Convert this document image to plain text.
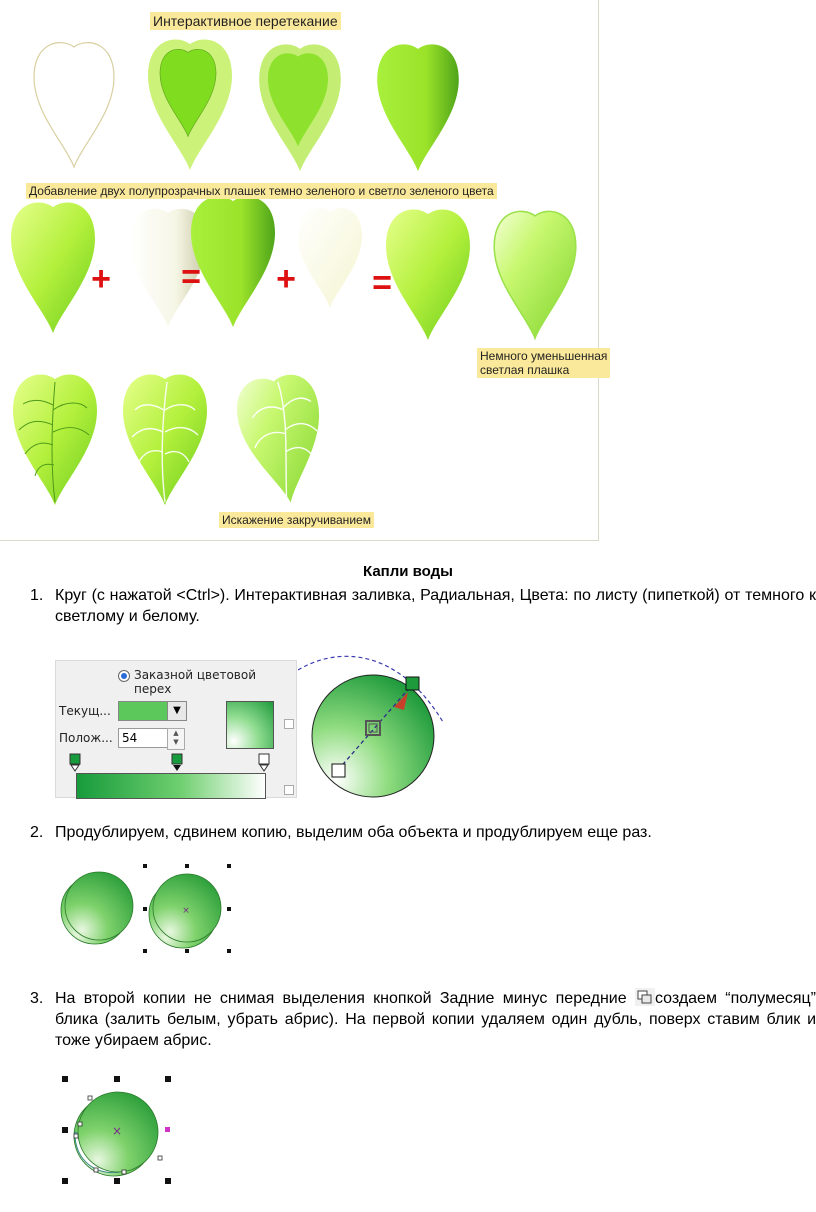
+ = + =
Интерактивное перетекание
Добавление двух полупрозрачных плашек темно зеленого и светло зеленого цвета
Немного уменьшенная
светлая плашка
Искажение закручиванием
Капли воды
1. Круг (с нажатой <Ctrl>). Интерактивная заливка, Радиальная, Цвета: по листу (пипеткой) от темного к светлому и белому.
Заказной цветовой перех
Текущ...	▼
Полож... 54	▲
▼
2. Продублируем, сдвинем копию, выделим оба объекта и продублируем еще раз.
×
3. На второй копии не снимая выделения кнопкой Задние минус передние создаем “полумесяц” блика (залить белым, убрать абрис). На первой копии удаляем один дубль, поверх ставим блик и тоже убираем абрис.
×
